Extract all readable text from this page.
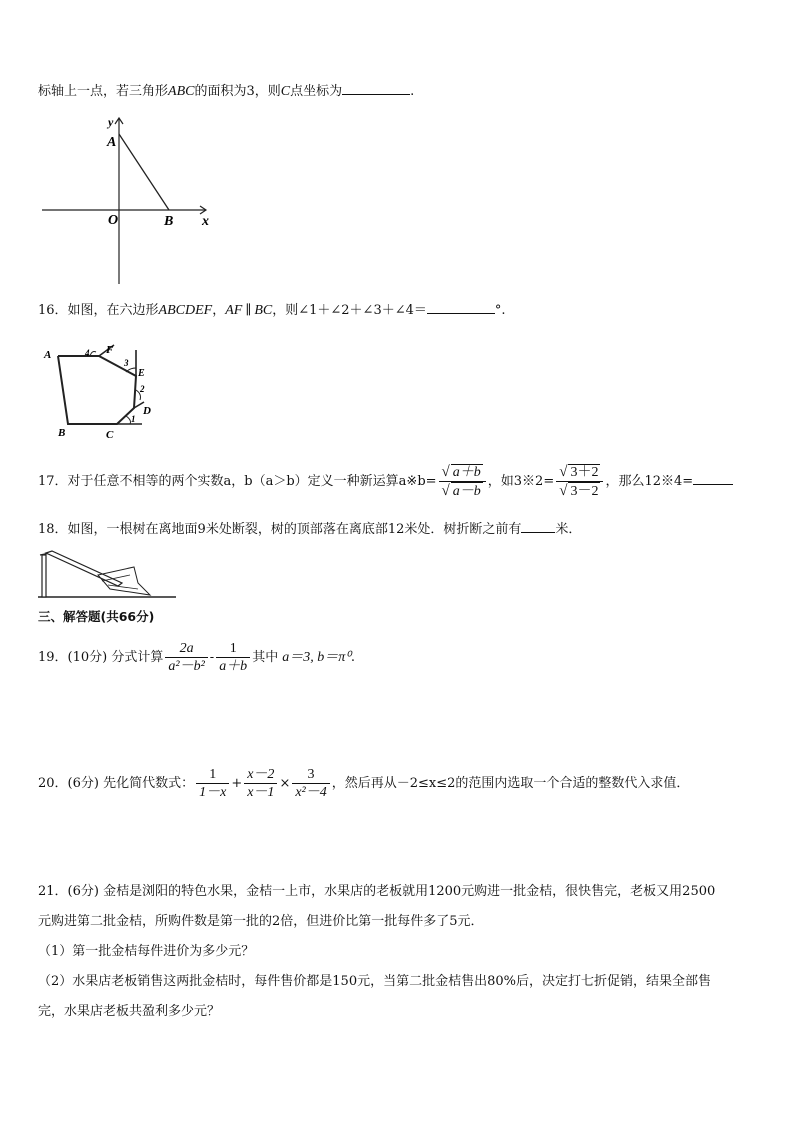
标轴上一点，若三角形ABC的面积为3，则C点坐标为	.
y
A
O	B x
16．如图，在六边形ABCDEF，AF ∥ BC，则∠1＋∠2＋∠3＋∠4＝	°.
A
B	C
D
E
F
1
2
3
4
17．对于任意不相等的两个实数a，b（a＞b）定义一种新运算a※b= $\frac{√ a+b}{√ a-b}$ ，如3※2= $\frac{√ 3+2}{√ 3-2}$ ，那么12※4=
18．如图，一根树在离地面9米处断裂，树的顶部落在离底部12米处．树折断之前有	米．
三、解答题(共66分)
19．(10分) 分式计算 $\frac{2a}{\text{a²－b²}} - \frac{1}{a+b}$ 其中 a＝3, b＝π⁰.
20．(6分) 先化简代数式： $\frac{1}{1-x} + \frac{x-2}{x-1} \times \frac{3}{\text{x²－4}}$ ，然后再从－2≤x≤2的范围内选取一个合适的整数代入求值．
21．(6分) 金桔是浏阳的特色水果，金桔一上市，水果店的老板就用1200元购进一批金桔，很快售完，老板又用2500
元购进第二批金桔，所购件数是第一批的2倍，但进价比第一批每件多了5元．
（1）第一批金桔每件进价为多少元？
（2）水果店老板销售这两批金桔时，每件售价都是150元，当第二批金桔售出80%后，决定打七折促销，结果全部售
完，水果店老板共盈利多少元？
